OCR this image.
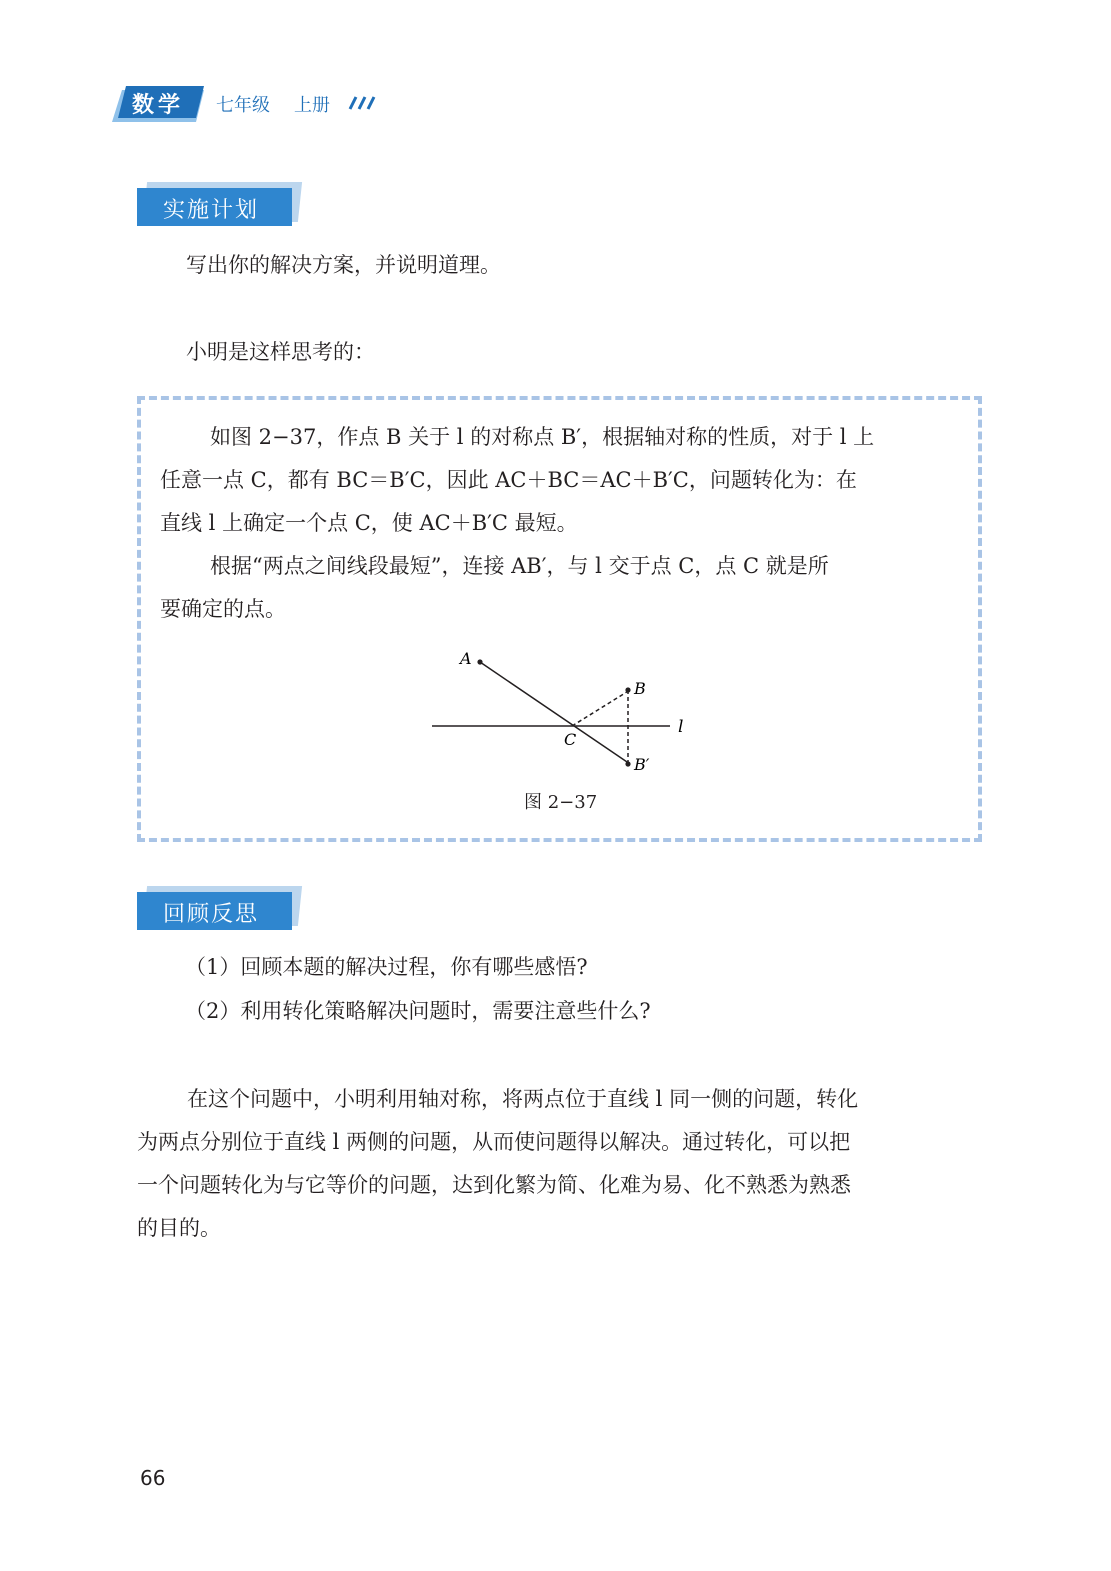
数学 七年级 上册
实施计划
写出你的解决方案，并说明道理。
小明是这样思考的：

如图 2−37，作点 B 关于 l 的对称点 B′，根据轴对称的性质，对于 l 上

任意一点 C，都有 BC＝B′C，因此 AC＋BC＝AC＋B′C，问题转化为：在

直线 l 上确定一个点 C，使 AC＋B′C 最短。

根据“两点之间线段最短”，连接 AB′，与 l 交于点 C，点 C 就是所

要确定的点。

A
B
B′
C
l
图 2−37
回顾反思
（1）回顾本题的解决过程，你有哪些感悟?
（2）利用转化策略解决问题时，需要注意些什么?

在这个问题中，小明利用轴对称，将两点位于直线 l 同一侧的问题，转化

为两点分别位于直线 l 两侧的问题，从而使问题得以解决。通过转化，可以把

一个问题转化为与它等价的问题，达到化繁为简、化难为易、化不熟悉为熟悉

的目的。

66
